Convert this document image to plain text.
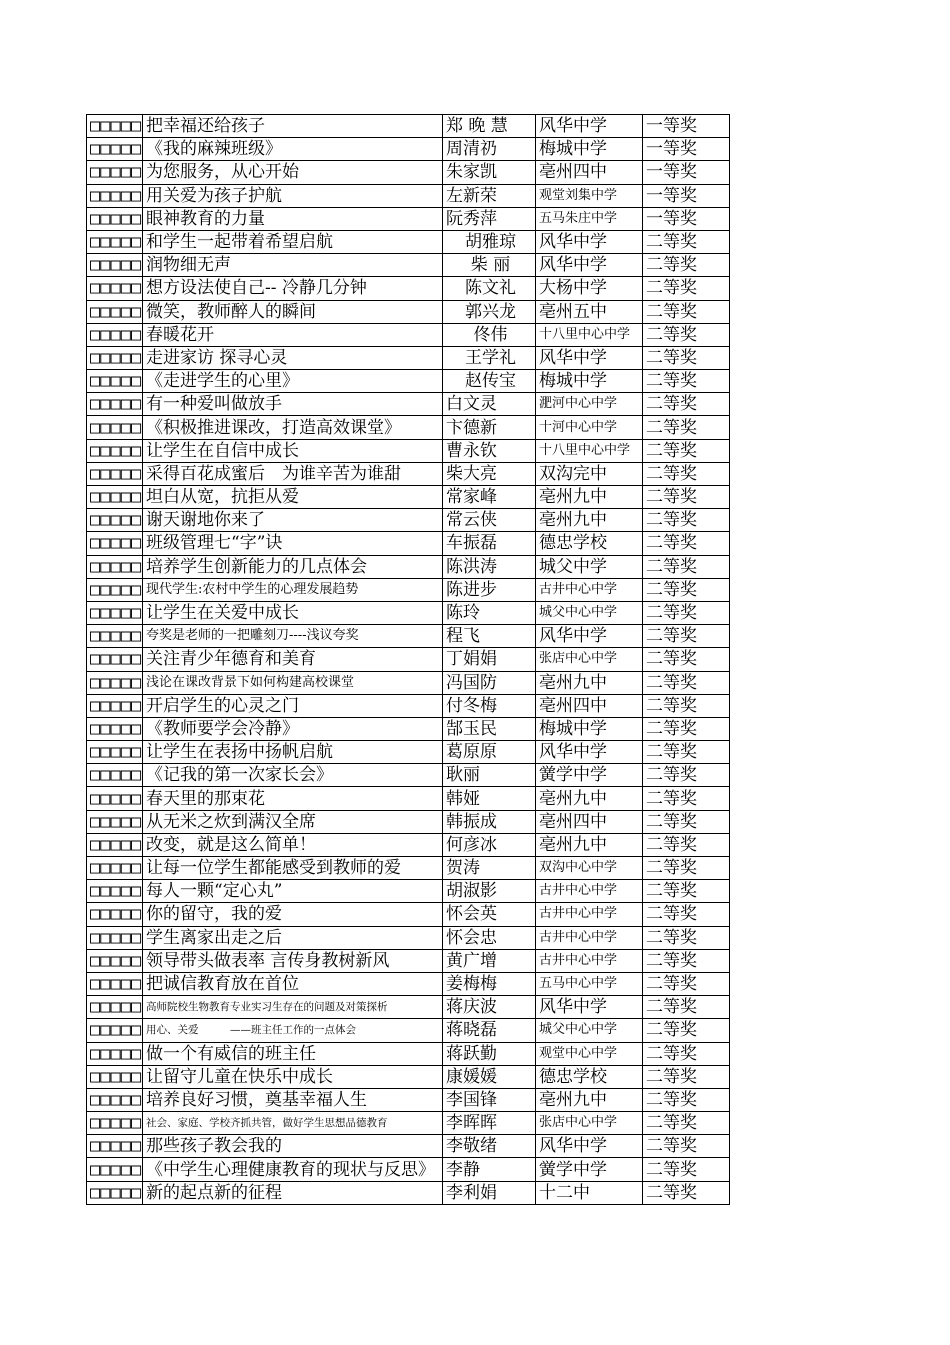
□□□□□	把幸福还给孩子	郑 晚 慧	风华中学	一等奖
□□□□□	《我的麻辣班级》	周清礽	梅城中学	一等奖
□□□□□	为您服务，从心开始	朱家凯	亳州四中	一等奖
□□□□□	用关爱为孩子护航	左新荣	观堂刘集中学	一等奖
□□□□□	眼神教育的力量	阮秀萍	五马朱庄中学	一等奖
□□□□□	和学生一起带着希望启航	胡雅琼	风华中学	二等奖
□□□□□	润物细无声	柴 丽	风华中学	二等奖
□□□□□	想方设法使自己-- 冷静几分钟	陈文礼	大杨中学	二等奖
□□□□□	微笑，教师醉人的瞬间	郭兴龙	亳州五中	二等奖
□□□□□	春暖花开	佟伟	十八里中心中学	二等奖
□□□□□	走进家访 探寻心灵	王学礼	风华中学	二等奖
□□□□□	《走进学生的心里》	赵传宝	梅城中学	二等奖
□□□□□	有一种爱叫做放手	白文灵	淝河中心中学	二等奖
□□□□□	《积极推进课改，打造高效课堂》	卞德新	十河中心中学	二等奖
□□□□□	让学生在自信中成长	曹永钦	十八里中心中学	二等奖
□□□□□	采得百花成蜜后　为谁辛苦为谁甜	柴大亮	双沟完中	二等奖
□□□□□	坦白从宽，抗拒从爱	常家峰	亳州九中	二等奖
□□□□□	谢天谢地你来了	常云侠	亳州九中	二等奖
□□□□□	班级管理七“字”诀	车振磊	德忠学校	二等奖
□□□□□	培养学生创新能力的几点体会	陈洪涛	城父中学	二等奖
□□□□□	现代学生:农村中学生的心理发展趋势	陈进步	古井中心中学	二等奖
□□□□□	让学生在关爱中成长	陈玲	城父中心中学	二等奖
□□□□□	夸奖是老师的一把雕刻刀----浅议夸奖	程飞	风华中学	二等奖
□□□□□	关注青少年德育和美育	丁娟娟	张店中心中学	二等奖
□□□□□	浅论在课改背景下如何构建高校课堂	冯国防	亳州九中	二等奖
□□□□□	开启学生的心灵之门	付冬梅	亳州四中	二等奖
□□□□□	《教师要学会冷静》	郜玉民	梅城中学	二等奖
□□□□□	让学生在表扬中扬帆启航	葛原原	风华中学	二等奖
□□□□□	《记我的第一次家长会》	耿丽	黉学中学	二等奖
□□□□□	春天里的那束花	韩娅	亳州九中	二等奖
□□□□□	从无米之炊到满汉全席	韩振成	亳州四中	二等奖
□□□□□	改变，就是这么简单！	何彦冰	亳州九中	二等奖
□□□□□	让每一位学生都能感受到教师的爱	贺涛	双沟中心中学	二等奖
□□□□□	每人一颗“定心丸”	胡淑影	古井中心中学	二等奖
□□□□□	你的留守，我的爱	怀会英	古井中心中学	二等奖
□□□□□	学生离家出走之后	怀会忠	古井中心中学	二等奖
□□□□□	领导带头做表率 言传身教树新风	黄广增	古井中心中学	二等奖
□□□□□	把诚信教育放在首位	姜梅梅	五马中心中学	二等奖
□□□□□	高师院校生物教育专业实习生存在的问题及对策探析	蒋庆波	风华中学	二等奖
□□□□□	用心、关爱　　　——班主任工作的一点体会	蒋晓磊	城父中心中学	二等奖
□□□□□	做一个有威信的班主任	蒋跃勤	观堂中心中学	二等奖
□□□□□	让留守儿童在快乐中成长	康媛媛	德忠学校	二等奖
□□□□□	培养良好习惯，奠基幸福人生	李国锋	亳州九中	二等奖
□□□□□	社会、家庭、学校齐抓共管，做好学生思想品德教育	李晖晖	张店中心中学	二等奖
□□□□□	那些孩子教会我的	李敬绪	风华中学	二等奖
□□□□□	《中学生心理健康教育的现状与反思》	李静	黉学中学	二等奖
□□□□□	新的起点新的征程	李利娟	十二中	二等奖
